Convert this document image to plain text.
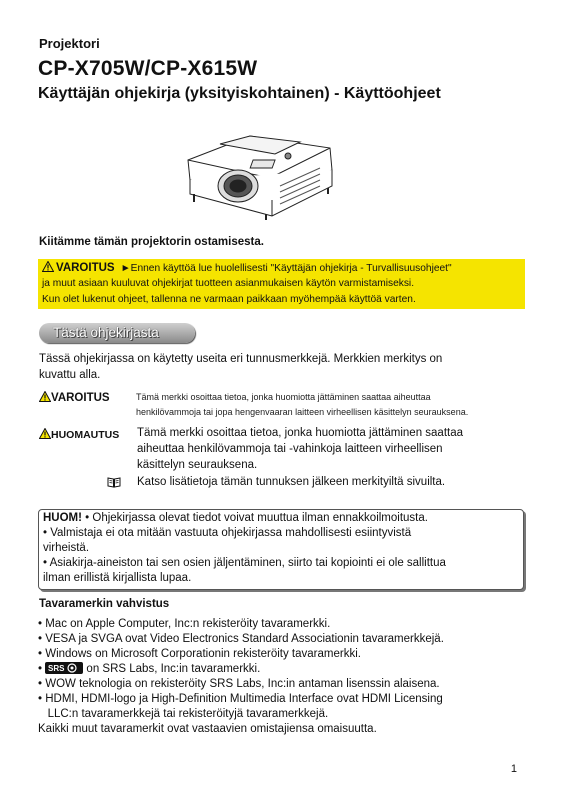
Projektori
CP-X705W/CP-X615W
Käyttäjän ohjekirja (yksityiskohtainen) - Käyttöohjeet
Kiitämme tämän projektorin ostamisesta.
VAROITUS ►Ennen käyttöä lue huolellisesti "Käyttäjän ohjekirja - Turvallisuusohjeet"
ja muut asiaan kuuluvat ohjekirjat tuotteen asianmukaisen käytön varmistamiseksi.
Kun olet lukenut ohjeet, tallenna ne varmaan paikkaan myöhempää käyttöä varten.
Tästä ohjekirjasta
Tässä ohjekirjassa on käytetty useita eri tunnusmerkkejä. Merkkien merkitys on
kuvattu alla.
VAROITUS	Tämä merkki osoittaa tietoa, jonka huomiotta jättäminen saattaa aiheuttaa
henkilövammoja tai jopa hengenvaaran laitteen virheellisen käsittelyn seurauksena.
HUOMAUTUS Tämä merkki osoittaa tietoa, jonka huomiotta jättäminen saattaa
aiheuttaa henkilövammoja tai -vahinkoja laitteen virheellisen
käsittelyn seurauksena.
Katso lisätietoja tämän tunnuksen jälkeen merkityiltä sivuilta.
HUOM! • Ohjekirjassa olevat tiedot voivat muuttua ilman ennakkoilmoitusta.
• Valmistaja ei ota mitään vastuuta ohjekirjassa mahdollisesti esiintyvistä
virheistä.
• Asiakirja-aineiston tai sen osien jäljentäminen, siirto tai kopiointi ei ole sallittua
ilman erillistä kirjallista lupaa.
Tavaramerkin vahvistus
• Mac on Apple Computer, Inc:n rekisteröity tavaramerkki.
• VESA ja SVGA ovat Video Electronics Standard Associationin tavaramerkkejä.
• Windows on Microsoft Corporationin rekisteröity tavaramerkki.
• SRS on SRS Labs, Inc:in tavaramerkki.
• WOW teknologia on rekisteröity SRS Labs, Inc:in antaman lisenssin alaisena.
• HDMI, HDMI-logo ja High-Definition Multimedia Interface ovat HDMI Licensing
LLC:n tavaramerkkejä tai rekisteröityjä tavaramerkkejä.
Kaikki muut tavaramerkit ovat vastaavien omistajiensa omaisuutta.
1
